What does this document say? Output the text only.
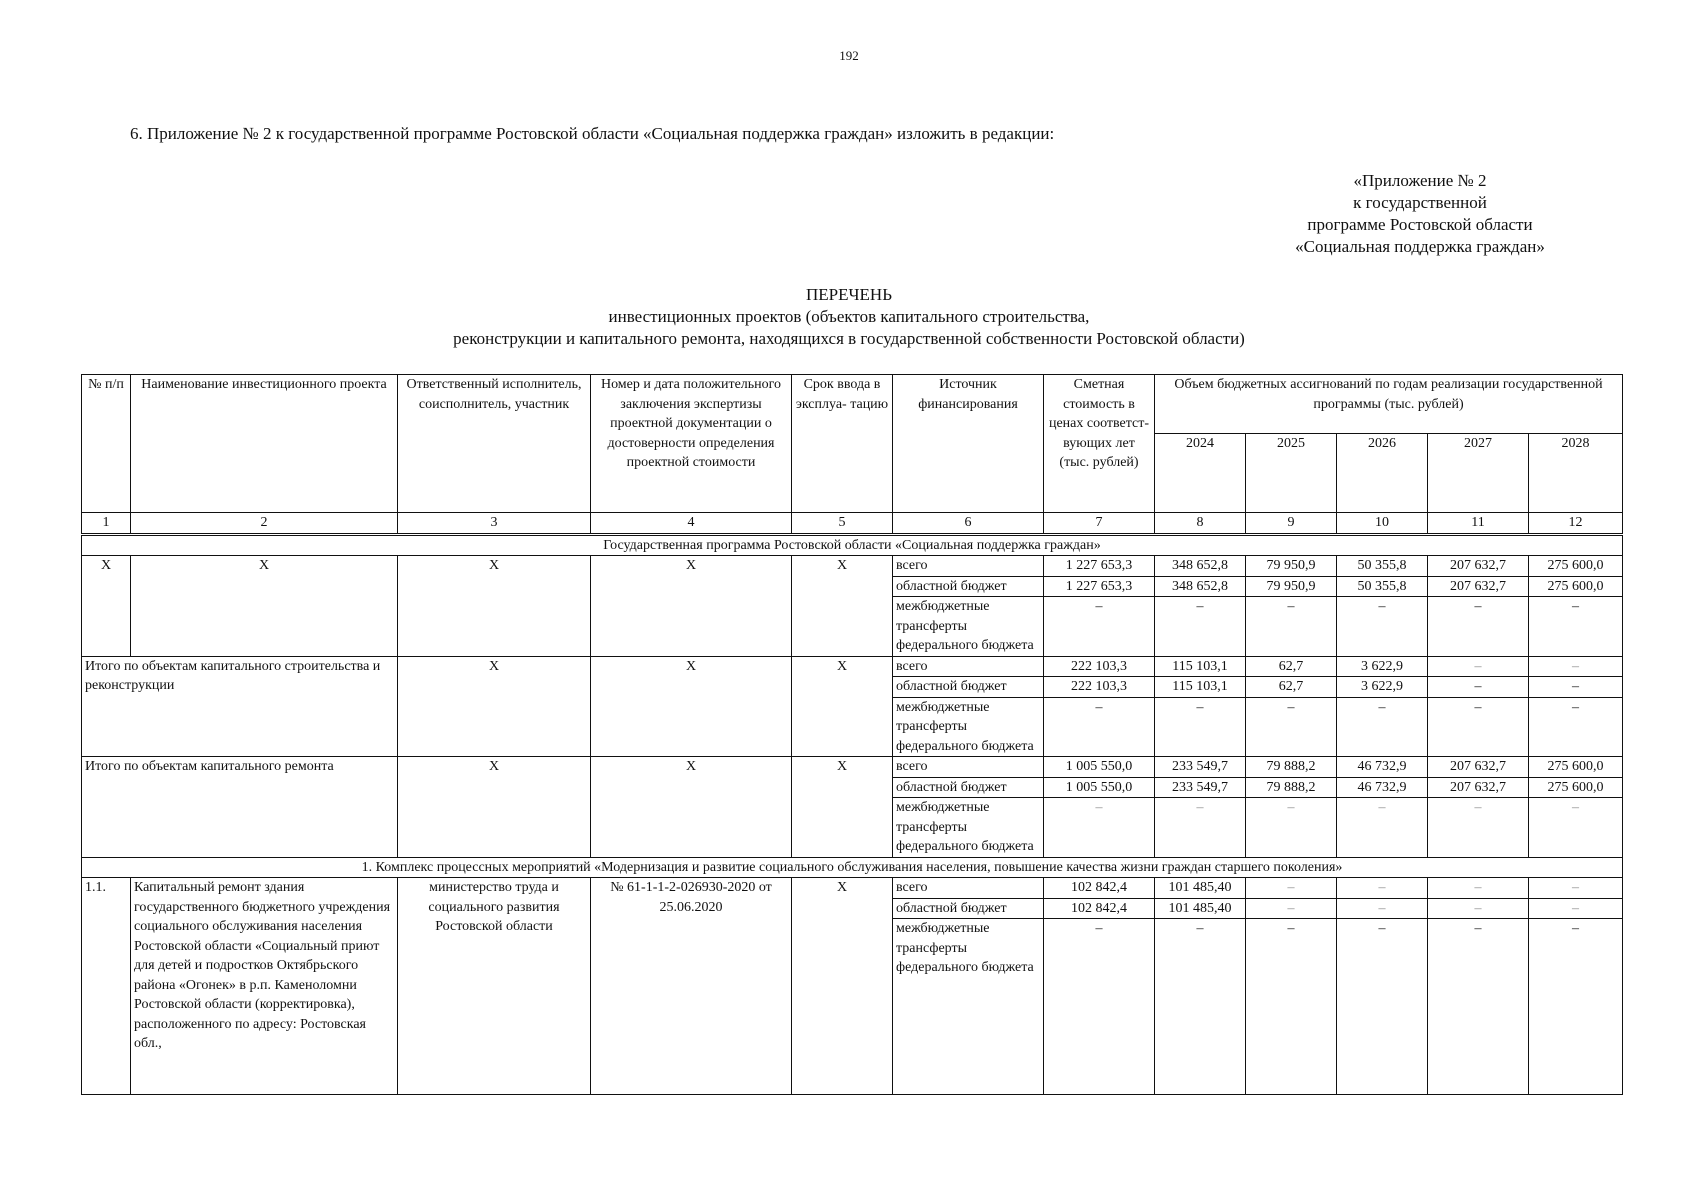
192
6. Приложение № 2 к государственной программе Ростовской области «Социальная поддержка граждан» изложить в редакции:
«Приложение № 2
к государственной
программе Ростовской области
«Социальная поддержка граждан»
ПЕРЕЧЕНЬ
инвестиционных проектов (объектов капитального строительства,
реконструкции и капитального ремонта, находящихся в государственной собственности Ростовской области)
№ п/п	Наименование инвестиционного проекта	Ответственный исполнитель, соисполнитель, участник	Номер и дата положительного заключения экспертизы проектной документации о достоверности определения проектной стоимости	Срок ввода в эксплуа- тацию	Источник финансирования	Сметная стоимость в ценах соответст- вующих лет (тыс. рублей)	Объем бюджетных ассигнований по годам реализации государственной программы (тыс. рублей)				
							2024	2025	2026	2027	2028
1	2	3	4	5	6	7	8	9	10	11	12
Государственная программа Ростовской области «Социальная поддержка граждан»											
Х	Х	Х	Х	Х	всего	1 227 653,3	348 652,8	79 950,9	50 355,8	207 632,7	275 600,0
					областной бюджет	1 227 653,3	348 652,8	79 950,9	50 355,8	207 632,7	275 600,0
					межбюджетные трансферты федерального бюджета	–	–	–	–	–	–
Итого по объектам капитального строительства и реконструкции		Х	Х	Х	всего	222 103,3	115 103,1	62,7	3 622,9	–	–
					областной бюджет	222 103,3	115 103,1	62,7	3 622,9	–	–
					межбюджетные трансферты федерального бюджета	–	–	–	–	–	–
Итого по объектам капитального ремонта		Х	Х	Х	всего	1 005 550,0	233 549,7	79 888,2	46 732,9	207 632,7	275 600,0
					областной бюджет	1 005 550,0	233 549,7	79 888,2	46 732,9	207 632,7	275 600,0
					межбюджетные трансферты федерального бюджета	–	–	–	–	–	–
1. Комплекс процессных мероприятий «Модернизация и развитие социального обслуживания населения, повышение качества жизни граждан старшего поколения»											
1.1.	Капитальный ремонт здания государственного бюджетного учреждения социального обслуживания населения Ростовской области «Социальный приют для детей и подростков Октябрьского района «Огонек» в р.п. Каменоломни Ростовской области (корректировка), расположенного по адресу: Ростовская обл.,	министерство труда и социального развития Ростовской области	№ 61-1-1-2-026930-2020 от 25.06.2020	Х	всего	102 842,4	101 485,40	–	–	–	–
					областной бюджет	102 842,4	101 485,40	–	–	–	–
					межбюджетные трансферты федерального бюджета	–	–	–	–	–	–
